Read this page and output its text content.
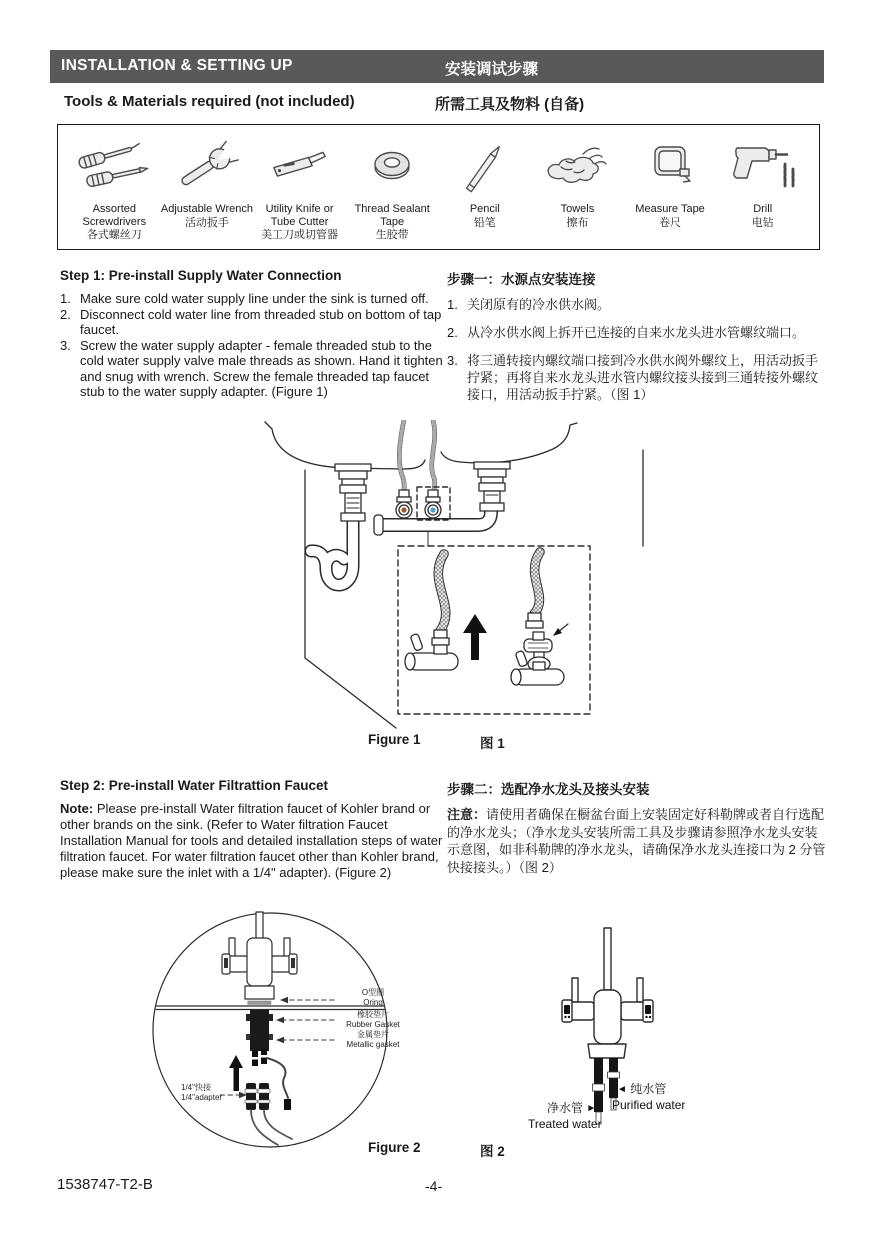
INSTALLATION & SETTING UP	安装调试步骤
Tools & Materials required (not included)	所需工具及物料 (自备)
Assorted Screwdrivers
各式螺丝刀
Adjustable Wrench
活动扳手
Utility Knife or Tube Cutter
美工刀或切管器
Thread Sealant Tape
生胶带
Pencil
铅笔
Towels
擦布
Measure Tape
卷尺
Drill
电钻
Step 1: Pre-install Supply Water Connection
1. Make sure cold water supply line under the sink is turned off.
2. Disconnect cold water line from threaded stub on bottom of tap faucet.
3. Screw the water supply adapter - female threaded stub to the cold water supply valve male threads as shown. Hand it tighten and snug with wrench. Screw the female threaded tap faucet stub to the water supply adapter. (Figure 1)
步骤一：水源点安装连接
1. 关闭原有的冷水供水阀。
2. 从冷水供水阀上拆开已连接的自来水龙头进水管螺纹端口。
3. 将三通转接内螺纹端口接到冷水供水阀外螺纹上，用活动扳手拧紧；再将自来水龙头进水管内螺纹接头接到三通转接外螺纹接口，用活动扳手拧紧。（图 1）
Figure 1	图 1
Step 2: Pre-install Water Filtrattion Faucet

Note: Please pre-install Water filtration faucet of Kohler brand or other brands on the sink. (Refer to Water filtration Faucet Installation Manual for tools and detailed installation steps of water filtration faucet. For water filtration faucet other than Kohler brand, please make sure the inlet with a 1/4" adapter). (Figure 2)

步骤二：选配净水龙头及接头安装

注意：请使用者确保在橱盆台面上安装固定好科勒牌或者自行选配的净水龙头；（净水龙头安装所需工具及步骤请参照净水龙头安装示意图，如非科勒牌的净水龙头，请确保净水龙头连接口为 2 分管快接接头。）（图 2）

O型圈
Oring
橡胶垫片
Rubber Gasket
金属垫片
Metallic gasket
1/4"快接
1/4"adapter
◄ 纯水管
Purified water
净水管 ►
Treated water
Figure 2	图 2
1538747-T2-B	-4-
